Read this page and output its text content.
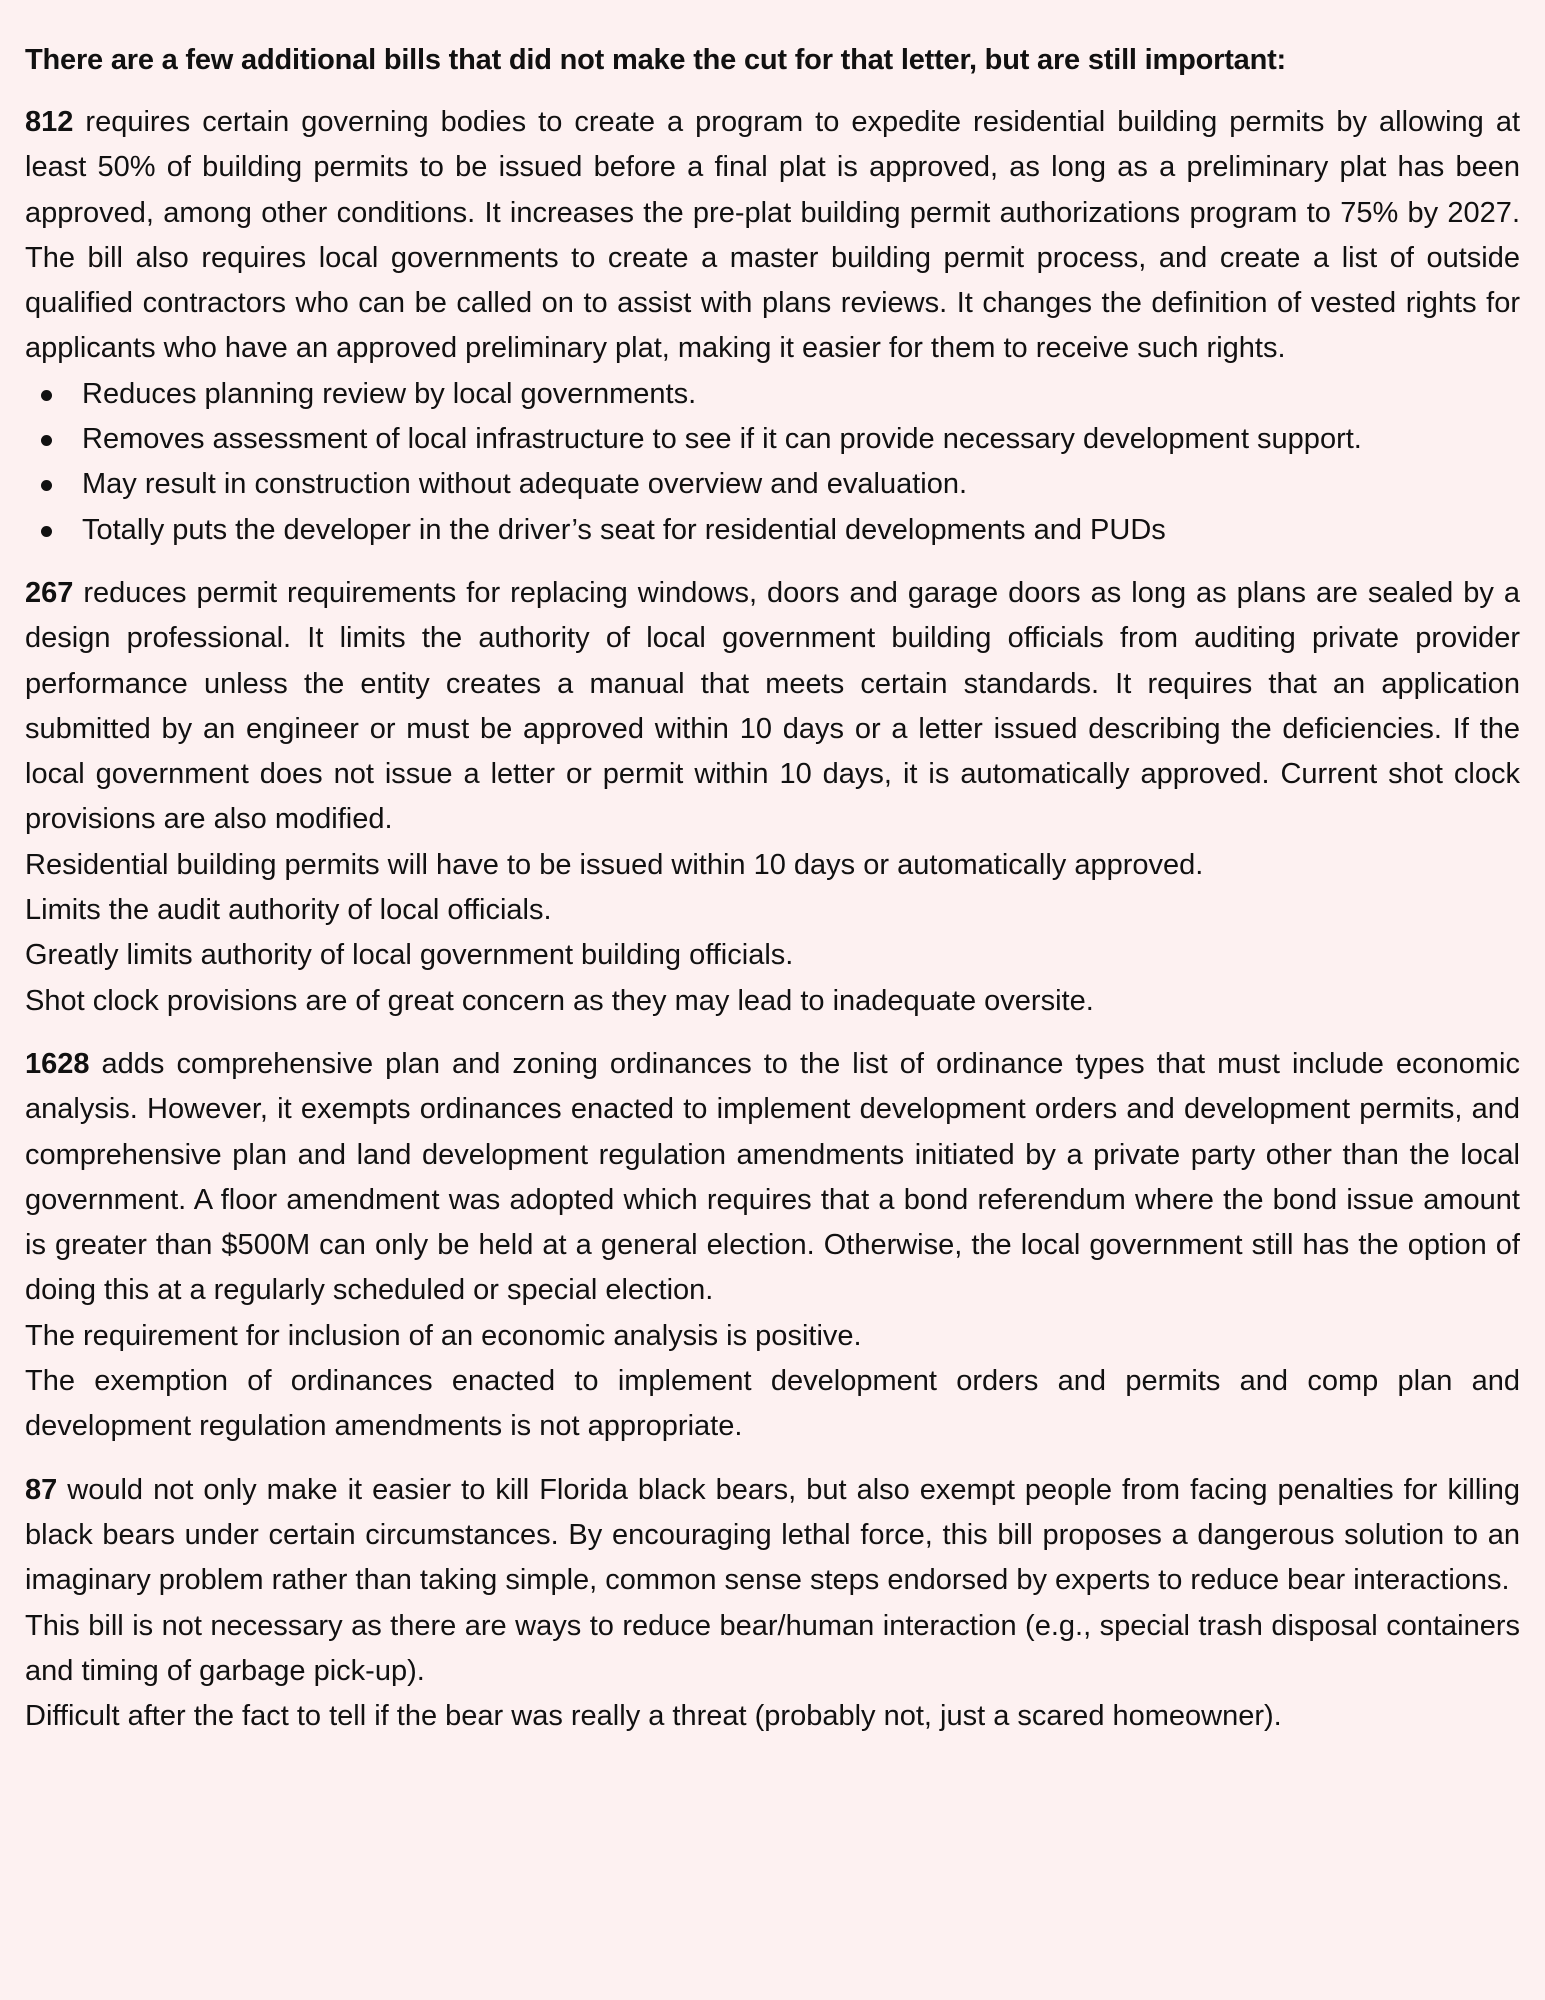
There are a few additional bills that did not make the cut for that letter, but are still important:

812 requires certain governing bodies to create a program to expedite residential building permits by allowing at least 50% of building permits to be issued before a final plat is approved, as long as a preliminary plat has been approved, among other conditions. It increases the pre-plat building permit authorizations program to 75% by 2027. The bill also requires local governments to create a master building permit process, and create a list of outside qualified contractors who can be called on to assist with plans reviews. It changes the definition of vested rights for applicants who have an approved preliminary plat, making it easier for them to receive such rights.

Reduces planning review by local governments.
Removes assessment of local infrastructure to see if it can provide necessary development support.
May result in construction without adequate overview and evaluation.
Totally puts the developer in the driver’s seat for residential developments and PUDs

267 reduces permit requirements for replacing windows, doors and garage doors as long as plans are sealed by a design professional. It limits the authority of local government building officials from auditing private provider performance unless the entity creates a manual that meets certain standards. It requires that an application submitted by an engineer or must be approved within 10 days or a letter issued describing the deficiencies. If the local government does not issue a letter or permit within 10 days, it is automatically approved. Current shot clock provisions are also modified.

Residential building permits will have to be issued within 10 days or automatically approved.

Limits the audit authority of local officials.

Greatly limits authority of local government building officials.

Shot clock provisions are of great concern as they may lead to inadequate oversite.

1628 adds comprehensive plan and zoning ordinances to the list of ordinance types that must include economic analysis. However, it exempts ordinances enacted to implement development orders and development permits, and comprehensive plan and land development regulation amendments initiated by a private party other than the local government. A floor amendment was adopted which requires that a bond referendum where the bond issue amount is greater than $500M can only be held at a general election. Otherwise, the local government still has the option of doing this at a regularly scheduled or special election.

The requirement for inclusion of an economic analysis is positive.

The exemption of ordinances enacted to implement development orders and permits and comp plan and development regulation amendments is not appropriate.

87 would not only make it easier to kill Florida black bears, but also exempt people from facing penalties for killing black bears under certain circumstances. By encouraging lethal force, this bill proposes a dangerous solution to an imaginary problem rather than taking simple, common sense steps endorsed by experts to reduce bear interactions.

This bill is not necessary as there are ways to reduce bear/human interaction (e.g., special trash disposal containers and timing of garbage pick-up).

Difficult after the fact to tell if the bear was really a threat (probably not, just a scared homeowner).
